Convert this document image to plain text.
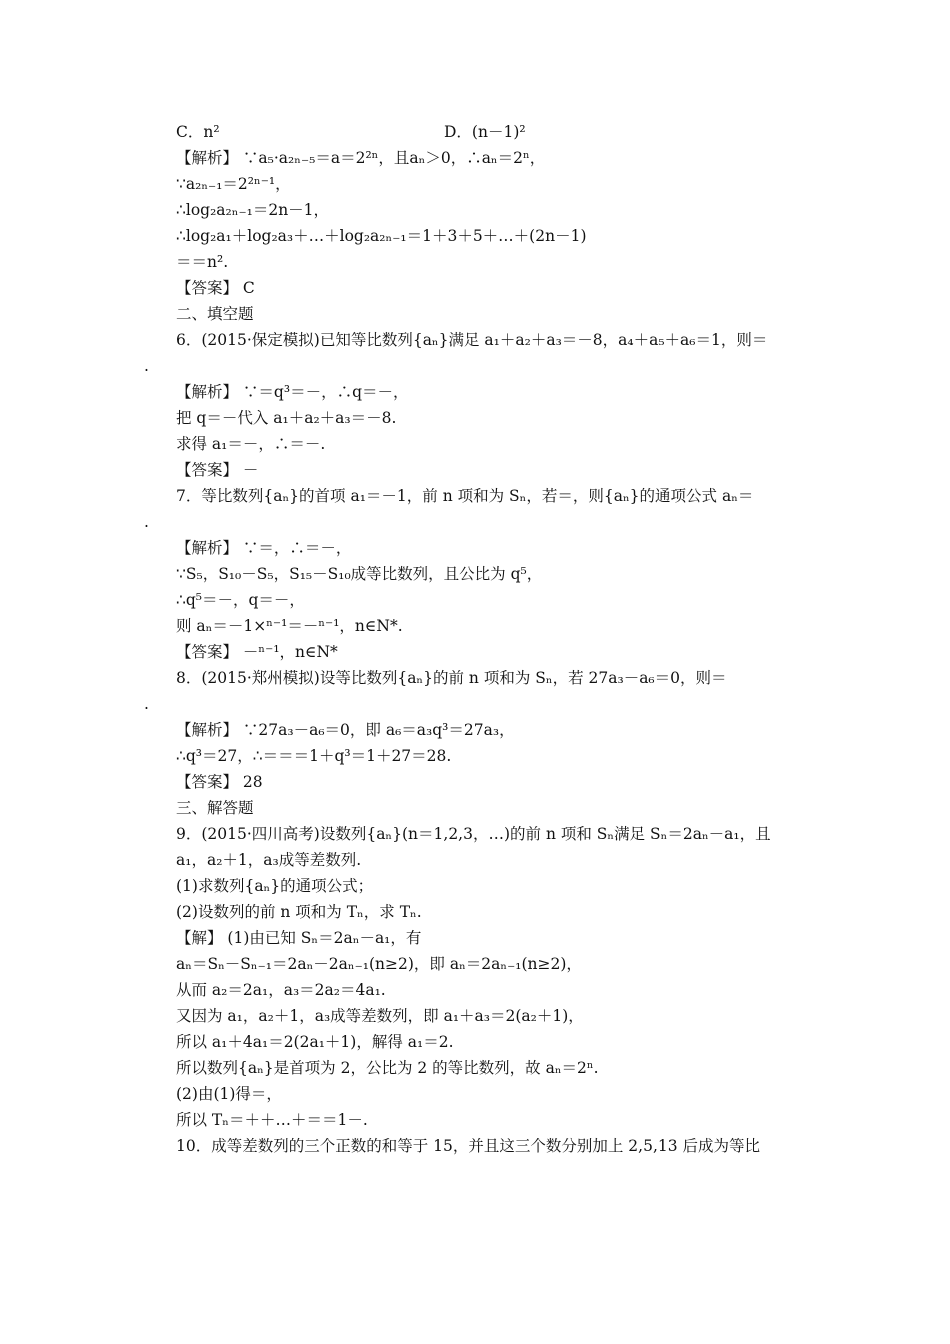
C．n²	D．(n－1)²
【解析】 ∵a₅·a₂ₙ₋₅＝a＝2²ⁿ，且aₙ＞0，∴aₙ＝2ⁿ，
∵a₂ₙ₋₁＝2²ⁿ⁻¹，
∴log₂a₂ₙ₋₁＝2n－1，
∴log₂a₁＋log₂a₃＋…＋log₂a₂ₙ₋₁＝1＋3＋5＋…＋(2n－1)
＝＝n².
【答案】 C
二、填空题
6．(2015·保定模拟)已知等比数列{aₙ}满足 a₁＋a₂＋a₃＝－8，a₄＋a₅＋a₆＝1，则＝
.
【解析】 ∵＝q³＝－，∴q＝－，
把 q＝－代入 a₁＋a₂＋a₃＝－8.
求得 a₁＝－，∴＝－.
【答案】 －
7．等比数列{aₙ}的首项 a₁＝－1，前 n 项和为 Sₙ，若＝，则{aₙ}的通项公式 aₙ＝
.
【解析】 ∵＝，∴＝－，
∵S₅，S₁₀－S₅，S₁₅－S₁₀成等比数列，且公比为 q⁵，
∴q⁵＝－，q＝－，
则 aₙ＝－1×ⁿ⁻¹＝－ⁿ⁻¹，n∈N*.
【答案】 －ⁿ⁻¹，n∈N*
8．(2015·郑州模拟)设等比数列{aₙ}的前 n 项和为 Sₙ，若 27a₃－a₆＝0，则＝
.
【解析】 ∵27a₃－a₆＝0，即 a₆＝a₃q³＝27a₃，
∴q³＝27，∴＝＝＝1＋q³＝1＋27＝28.
【答案】 28
三、解答题
9．(2015·四川高考)设数列{aₙ}(n＝1,2,3，…)的前 n 项和 Sₙ满足 Sₙ＝2aₙ－a₁，且
a₁，a₂＋1，a₃成等差数列.
(1)求数列{aₙ}的通项公式；
(2)设数列的前 n 项和为 Tₙ，求 Tₙ.
【解】 (1)由已知 Sₙ＝2aₙ－a₁，有
aₙ＝Sₙ－Sₙ₋₁＝2aₙ－2aₙ₋₁(n≥2)，即 aₙ＝2aₙ₋₁(n≥2)，
从而 a₂＝2a₁，a₃＝2a₂＝4a₁.
又因为 a₁，a₂＋1，a₃成等差数列，即 a₁＋a₃＝2(a₂＋1)，
所以 a₁＋4a₁＝2(2a₁＋1)，解得 a₁＝2.
所以数列{aₙ}是首项为 2，公比为 2 的等比数列，故 aₙ＝2ⁿ.
(2)由(1)得＝，
所以 Tₙ＝＋＋…＋＝＝1－.
10．成等差数列的三个正数的和等于 15，并且这三个数分别加上 2,5,13 后成为等比
